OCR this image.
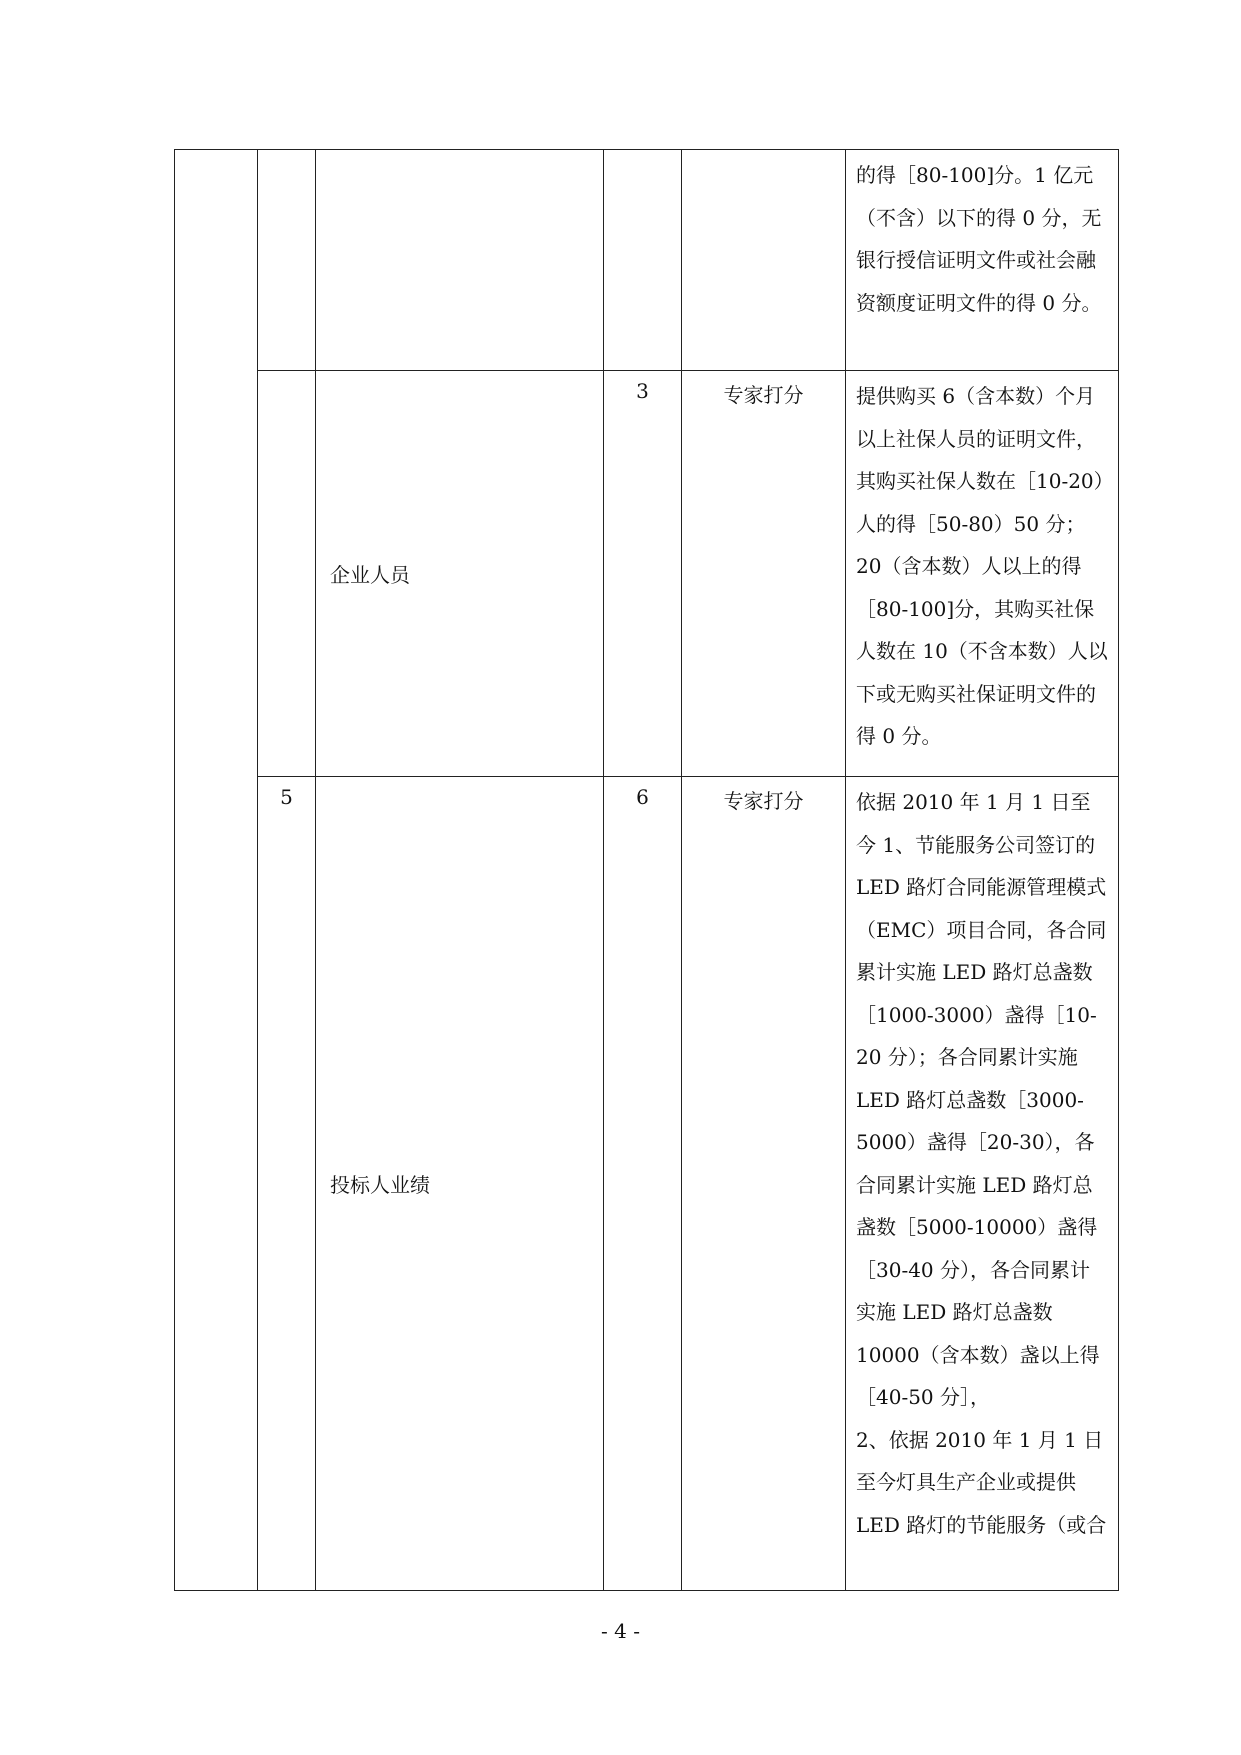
					的得［80-100]分。1 亿元（不含）以下的得 0 分，无银行授信证明文件或社会融资额度证明文件的得 0 分。

		企业人员	3	专家打分	提供购买 6（含本数）个月以上社保人员的证明文件，其购买社保人数在［10-20）人的得［50-80）50 分； 20（含本数）人以上的得［80-100]分，其购买社保人数在 10（不含本数）人以下或无购买社保证明文件的得 0 分。

	5	投标人业绩	6	专家打分	依据 2010 年 1 月 1 日至今 1、节能服务公司签订的 LED 路灯合同能源管理模式（EMC）项目合同，各合同累计实施 LED 路灯总盏数［1000-3000）盏得［10-20 分）；各合同累计实施 LED 路灯总盏数［3000-5000）盏得［20-30），各合同累计实施 LED 路灯总盏数［5000-10000）盏得［30-40 分），各合同累计实施 LED 路灯总盏数 10000（含本数）盏以上得［40-50 分］，

2、依据 2010 年 1 月 1 日至今灯具生产企业或提供 LED 路灯的节能服务（或合

- 4 -
